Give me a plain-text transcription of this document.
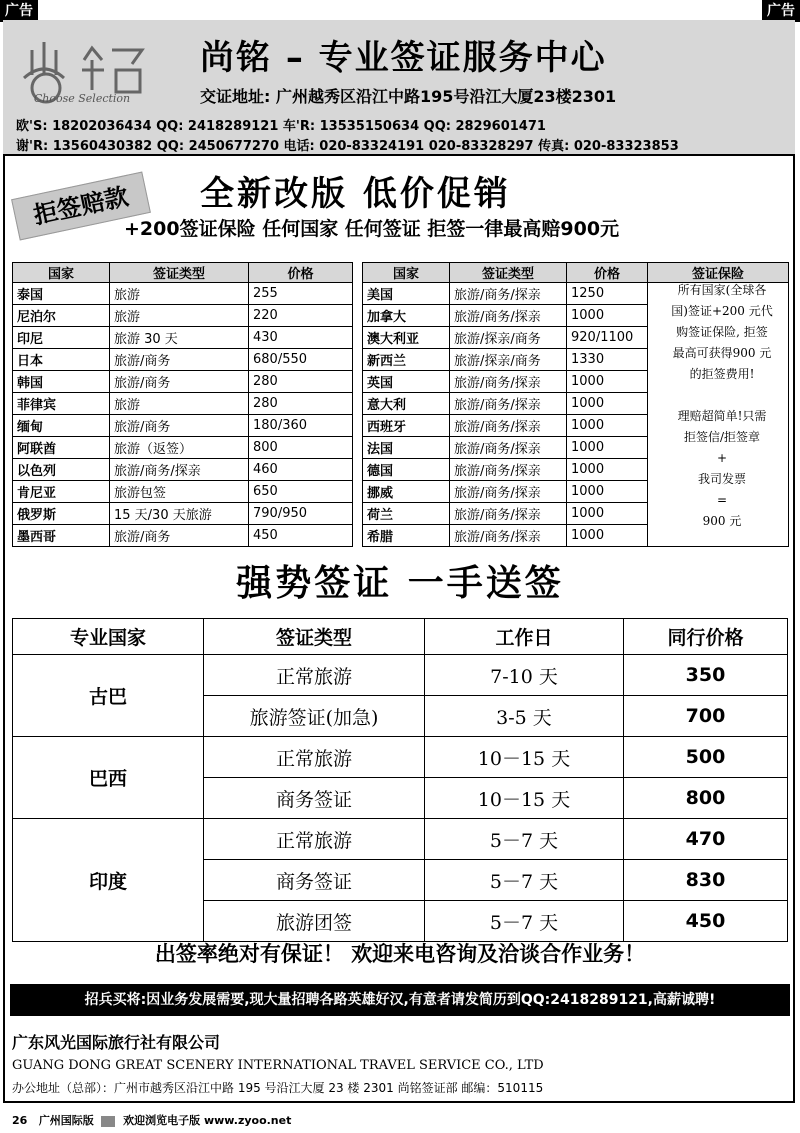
广告	广告
Choose Selection
尚铭 – 专业签证服务中心
交证地址: 广州越秀区沿江中路195号沿江大厦23楼2301
欧'S: 18202036434 QQ: 2418289121 车'R: 13535150634 QQ: 2829601471
谢'R: 13560430382 QQ: 2450677270 电话: 020-83324191 020-83328297 传真: 020-83323853
全新改版 低价促销
拒签赔款
+200签证保险 任何国家 任何签证 拒签一律最高赔900元
国家	签证类型	价格
泰国	旅游	255
尼泊尔	旅游	220
印尼	旅游 30 天	430
日本	旅游/商务	680/550
韩国	旅游/商务	280
菲律宾	旅游	280
缅甸	旅游/商务	180/360
阿联酋	旅游（返签）	800
以色列	旅游/商务/探亲	460
肯尼亚	旅游包签	650
俄罗斯	15 天/30 天旅游	790/950
墨西哥	旅游/商务	450
国家	签证类型	价格	签证保险
美国	旅游/商务/探亲	1250	
加拿大	旅游/商务/探亲	1000	
澳大利亚	旅游/探亲/商务	920/1100	
新西兰	旅游/探亲/商务	1330	
英国	旅游/商务/探亲	1000	
意大利	旅游/商务/探亲	1000	
西班牙	旅游/商务/探亲	1000	
法国	旅游/商务/探亲	1000	
德国	旅游/商务/探亲	1000	
挪威	旅游/商务/探亲	1000	
荷兰	旅游/商务/探亲	1000	
希腊	旅游/商务/探亲	1000	
所有国家(全球各
国)签证+200 元代
购签证保险, 拒签
最高可获得900 元
的拒签费用!
理赔超简单!只需
拒签信/拒签章
+
我司发票
=
900 元
强势签证 一手送签
专业国家	签证类型	工作日	同行价格
古巴	正常旅游	7-10 天	350
	旅游签证(加急)	3-5 天	700
巴西	正常旅游	10－15 天	500
	商务签证	10－15 天	800
印度	正常旅游	5－7 天	470
	商务签证	5－7 天	830
	旅游团签	5－7 天	450
出签率绝对有保证！ 欢迎来电咨询及洽谈合作业务！
招兵买将:因业务发展需要,现大量招聘各路英雄好汉,有意者请发简历到QQ:2418289121,高薪诚聘!
广东风光国际旅行社有限公司
GUANG DONG GREAT SCENERY INTERNATIONAL TRAVEL SERVICE CO., LTD
办公地址（总部）：广州市越秀区沿江中路 195 号沿江大厦 23 楼 2301 尚铭签证部 邮编：510115
26 广州国际版	欢迎浏览电子版 www.zyoo.net
